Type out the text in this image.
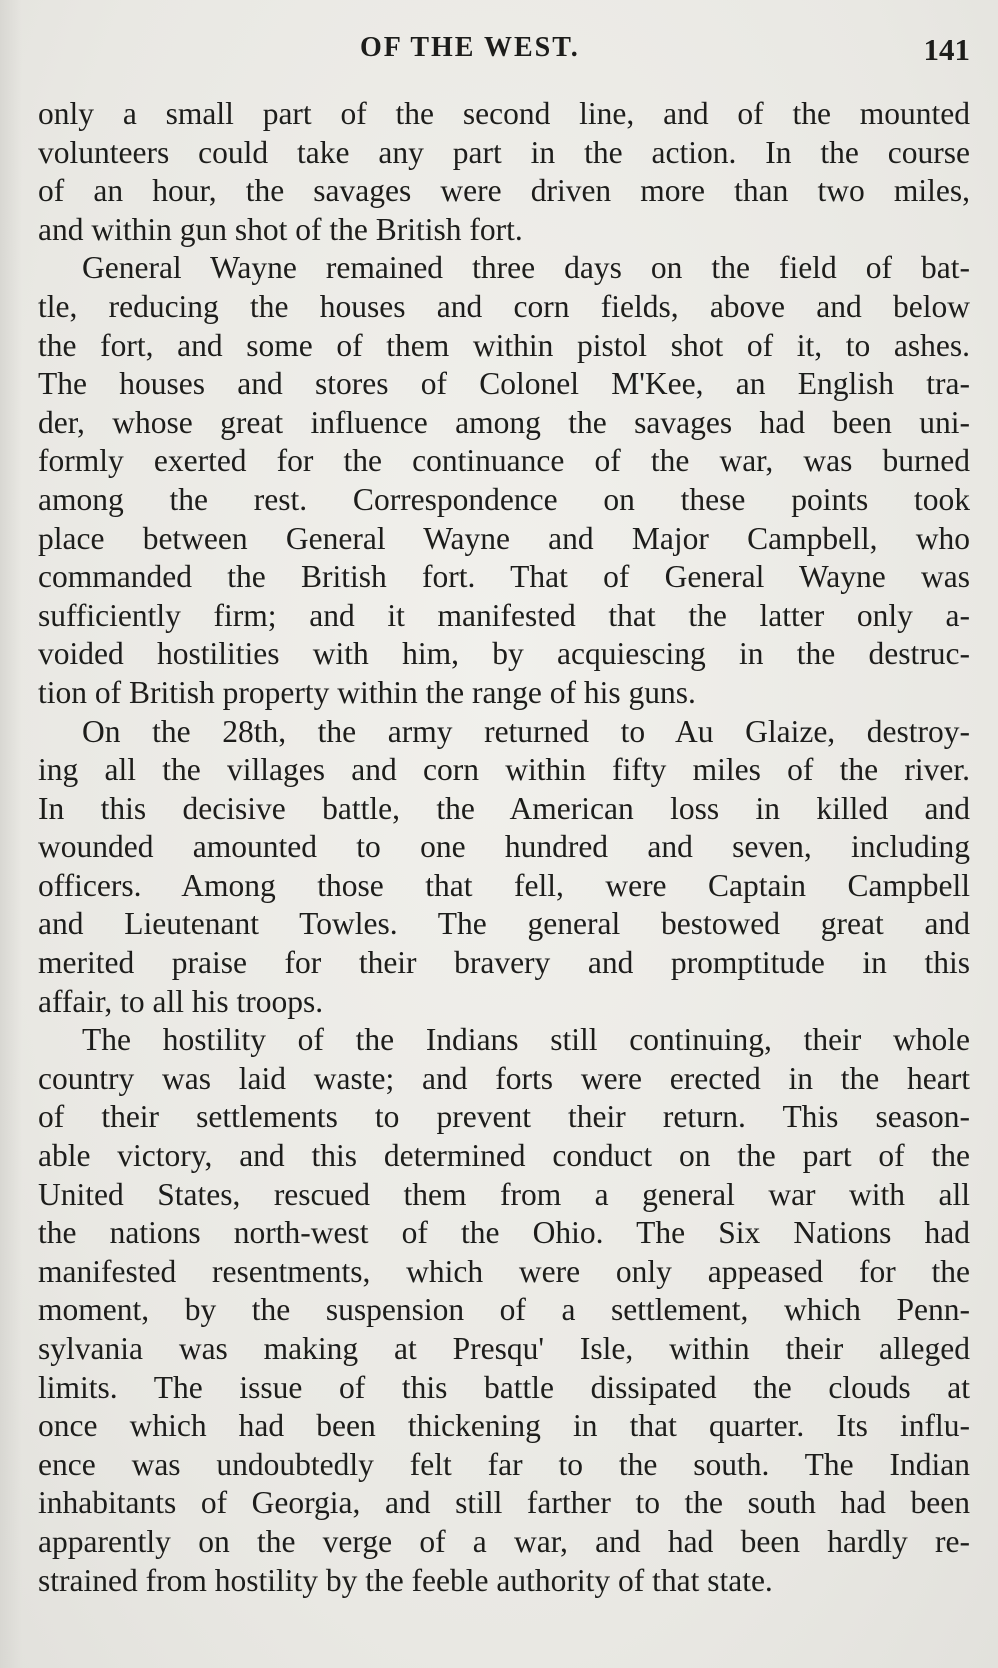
OF THE WEST.	141
only a small part of the second line, and of the mounted
volunteers could take any part in the action. In the course
of an hour, the savages were driven more than two miles,
and within gun shot of the British fort.
General Wayne remained three days on the field of bat-
tle, reducing the houses and corn fields, above and below
the fort, and some of them within pistol shot of it, to ashes.
The houses and stores of Colonel M'Kee, an English tra-
der, whose great influence among the savages had been uni-
formly exerted for the continuance of the war, was burned
among the rest. Correspondence on these points took
place between General Wayne and Major Campbell, who
commanded the British fort. That of General Wayne was
sufficiently firm; and it manifested that the latter only a-
voided hostilities with him, by acquiescing in the destruc-
tion of British property within the range of his guns.
On the 28th, the army returned to Au Glaize, destroy-
ing all the villages and corn within fifty miles of the river.
In this decisive battle, the American loss in killed and
wounded amounted to one hundred and seven, including
officers. Among those that fell, were Captain Campbell
and Lieutenant Towles. The general bestowed great and
merited praise for their bravery and promptitude in this
affair, to all his troops.
The hostility of the Indians still continuing, their whole
country was laid waste; and forts were erected in the heart
of their settlements to prevent their return. This season-
able victory, and this determined conduct on the part of the
United States, rescued them from a general war with all
the nations north-west of the Ohio. The Six Nations had
manifested resentments, which were only appeased for the
moment, by the suspension of a settlement, which Penn-
sylvania was making at Presqu' Isle, within their alleged
limits. The issue of this battle dissipated the clouds at
once which had been thickening in that quarter. Its influ-
ence was undoubtedly felt far to the south. The Indian
inhabitants of Georgia, and still farther to the south had been
apparently on the verge of a war, and had been hardly re-
strained from hostility by the feeble authority of that state.
